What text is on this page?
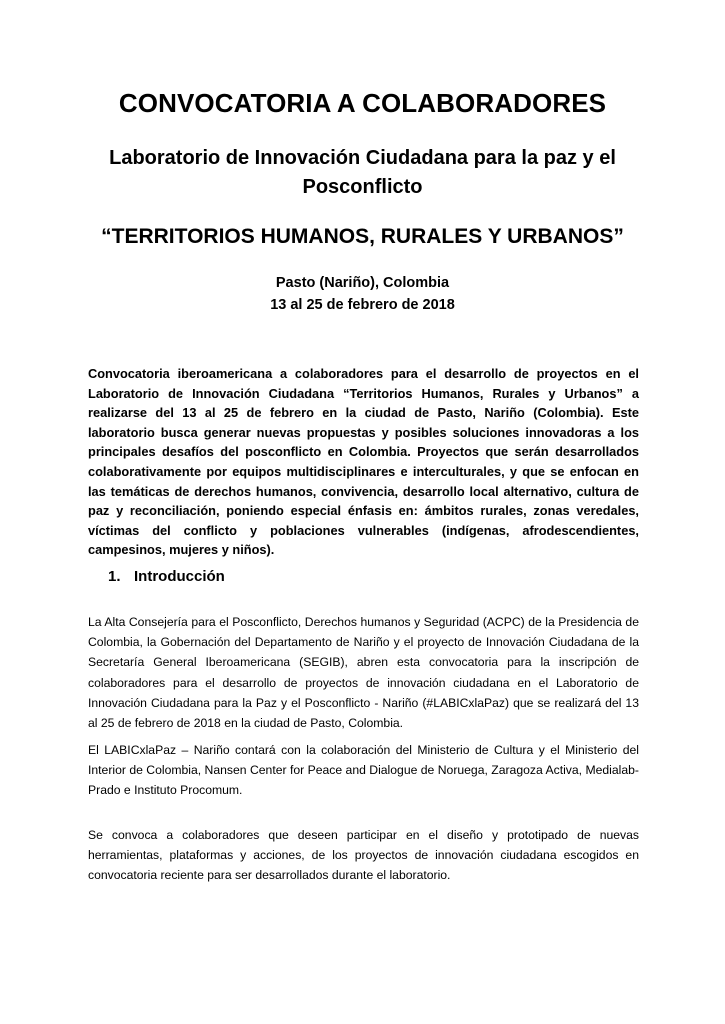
CONVOCATORIA A COLABORADORES
Laboratorio de Innovación Ciudadana para la paz y el Posconflicto
“TERRITORIOS HUMANOS, RURALES Y URBANOS”
Pasto (Nariño), Colombia
13 al 25 de febrero de 2018

Convocatoria iberoamericana a colaboradores para el desarrollo de proyectos en el Laboratorio de Innovación Ciudadana “Territorios Humanos, Rurales y Urbanos” a realizarse del 13 al 25 de febrero en la ciudad de Pasto, Nariño (Colombia). Este laboratorio busca generar nuevas propuestas y posibles soluciones innovadoras a los principales desafíos del posconflicto en Colombia. Proyectos que serán desarrollados colaborativamente por equipos multidisciplinares e interculturales, y que se enfocan en las temáticas de derechos humanos, convivencia, desarrollo local alternativo, cultura de paz y reconciliación, poniendo especial énfasis en: ámbitos rurales, zonas veredales, víctimas del conflicto y poblaciones vulnerables (indígenas, afrodescendientes, campesinos, mujeres y niños).

1. Introducción

La Alta Consejería para el Posconflicto, Derechos humanos y Seguridad (ACPC) de la Presidencia de Colombia, la Gobernación del Departamento de Nariño y el proyecto de Innovación Ciudadana de la Secretaría General Iberoamericana (SEGIB), abren esta convocatoria para la inscripción de colaboradores para el desarrollo de proyectos de innovación ciudadana en el Laboratorio de Innovación Ciudadana para la Paz y el Posconflicto - Nariño (#LABICxlaPaz) que se realizará del 13 al 25 de febrero de 2018 en la ciudad de Pasto, Colombia.

El LABICxlaPaz – Nariño contará con la colaboración del Ministerio de Cultura y el Ministerio del Interior de Colombia, Nansen Center for Peace and Dialogue de Noruega, Zaragoza Activa, Medialab-Prado e Instituto Procomum.

Se convoca a colaboradores que deseen participar en el diseño y prototipado de nuevas herramientas, plataformas y acciones, de los proyectos de innovación ciudadana escogidos en convocatoria reciente para ser desarrollados durante el laboratorio.
